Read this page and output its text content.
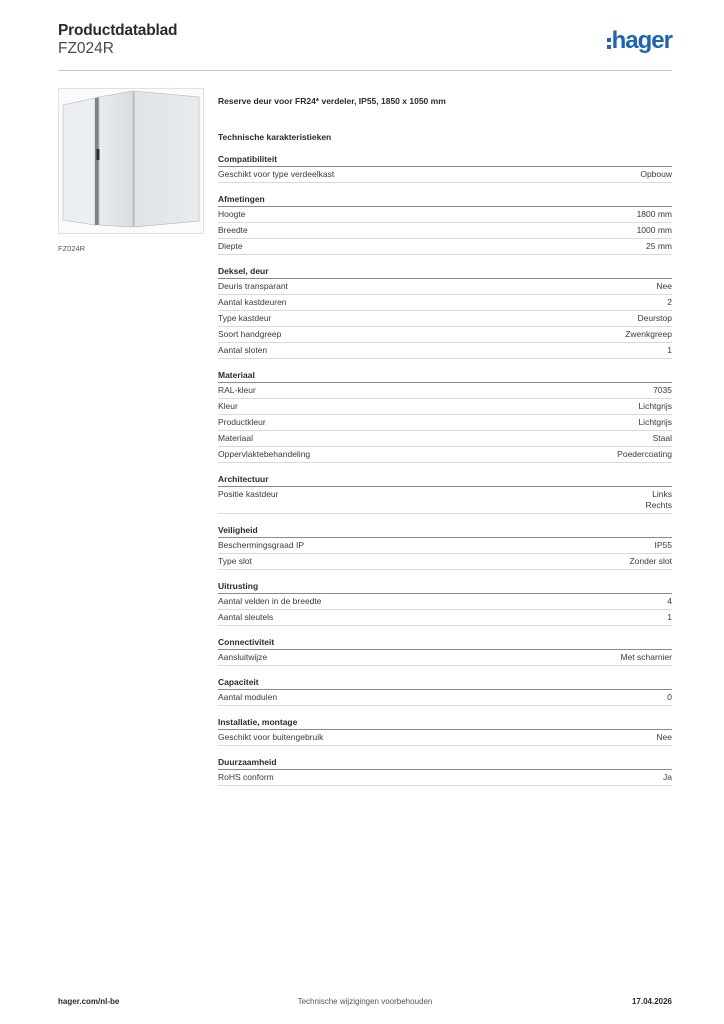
Productdatablad
FZ024R	hager
FZ024R
Reserve deur voor FR24* verdeler, IP55, 1850 x 1050 mm
Technische karakteristieken
Compatibiliteit
Geschikt voor type verdeelkast	Opbouw
Afmetingen
Hoogte	1800 mm
Breedte	1000 mm
Diepte	25 mm
Deksel, deur
Deuris transparant	Nee
Aantal kastdeuren	2
Type kastdeur	Deurstop
Soort handgreep	Zwenkgreep
Aantal sloten	1
Materiaal
RAL-kleur	7035
Kleur	Lichtgrijs
Productkleur	Lichtgrijs
Materiaal	Staal
Oppervlaktebehandeling	Poedercoating
Architectuur
Positie kastdeur	Links
Rechts
Veiligheid
Beschermingsgraad IP	IP55
Type slot	Zonder slot
Uitrusting
Aantal velden in de breedte	4
Aantal sleutels	1
Connectiviteit
Aansluitwijze	Met scharnier
Capaciteit
Aantal modulen	0
Installatie, montage
Geschikt voor buitengebruik	Nee
Duurzaamheid
RoHS conform	Ja
Technische wijzigingen voorbehouden
hager.com/nl-be	17.04.2026
